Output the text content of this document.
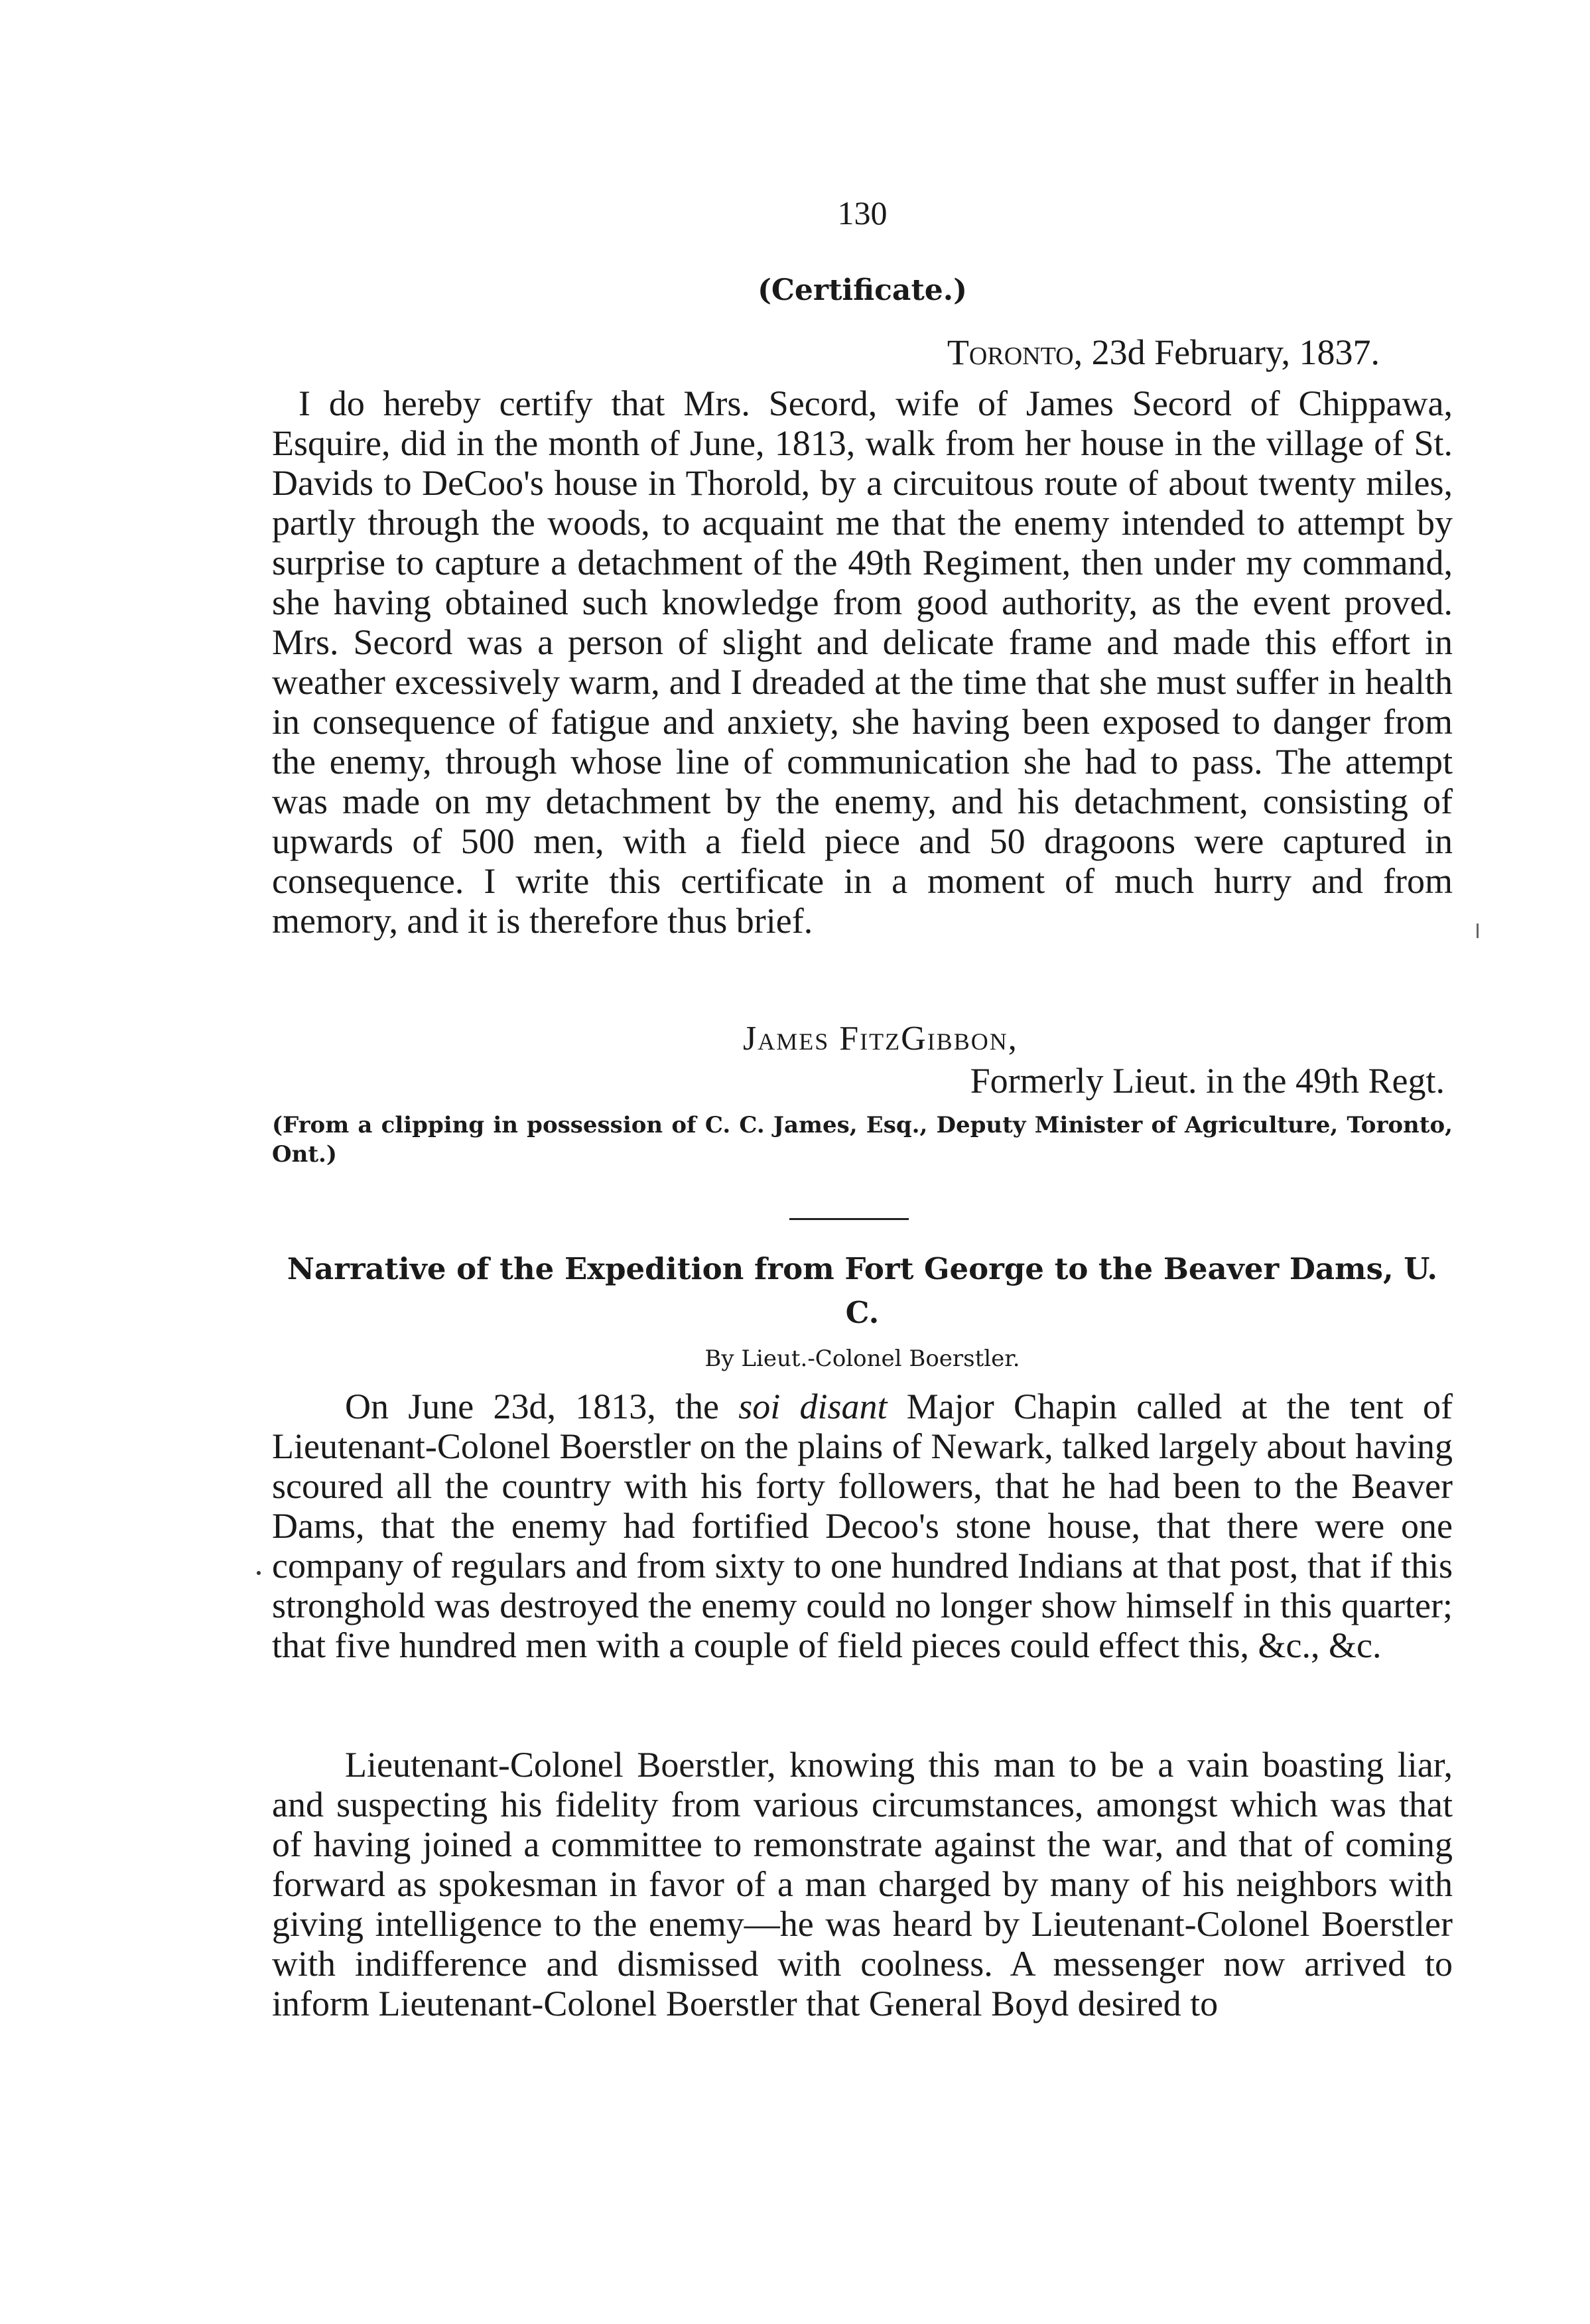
130
(Certificate.)
Toronto, 23d February, 1837.
I do hereby certify that Mrs. Secord, wife of James Secord of Chippawa, Esquire, did in the month of June, 1813, walk from her house in the village of St. Davids to DeCoo's house in Thorold, by a circuitous route of about twenty miles, partly through the woods, to acquaint me that the enemy intended to attempt by surprise to capture a detachment of the 49th Regiment, then under my command, she having obtained such knowledge from good authority, as the event proved. Mrs. Secord was a person of slight and delicate frame and made this effort in weather excessively warm, and I dreaded at the time that she must suffer in health in consequence of fatigue and anxiety, she having been exposed to danger from the enemy, through whose line of communication she had to pass. The attempt was made on my detachment by the enemy, and his detachment, consisting of upwards of 500 men, with a field piece and 50 dragoons were captured in consequence. I write this certificate in a moment of much hurry and from memory, and it is therefore thus brief.
James FitzGibbon,
Formerly Lieut. in the 49th Regt.
(From a clipping in possession of C. C. James, Esq., Deputy Minister of Agriculture, Toronto, Ont.)
Narrative of the Expedition from Fort George to the Beaver Dams, U. C.
By Lieut.-Colonel Boerstler.
On June 23d, 1813, the soi disant Major Chapin called at the tent of Lieutenant-Colonel Boerstler on the plains of Newark, talked largely about having scoured all the country with his forty followers, that he had been to the Beaver Dams, that the enemy had fortified Decoo's stone house, that there were one company of regulars and from sixty to one hundred Indians at that post, that if this stronghold was destroyed the enemy could no longer show himself in this quarter; that five hundred men with a couple of field pieces could effect this, &c., &c.
Lieutenant-Colonel Boerstler, knowing this man to be a vain boasting liar, and suspecting his fidelity from various circumstances, amongst which was that of having joined a committee to remonstrate against the war, and that of coming forward as spokesman in favor of a man charged by many of his neighbors with giving intelligence to the enemy—he was heard by Lieutenant-Colonel Boerstler with indifference and dismissed with coolness. A messenger now arrived to inform Lieutenant-Colonel Boerstler that General Boyd desired to
